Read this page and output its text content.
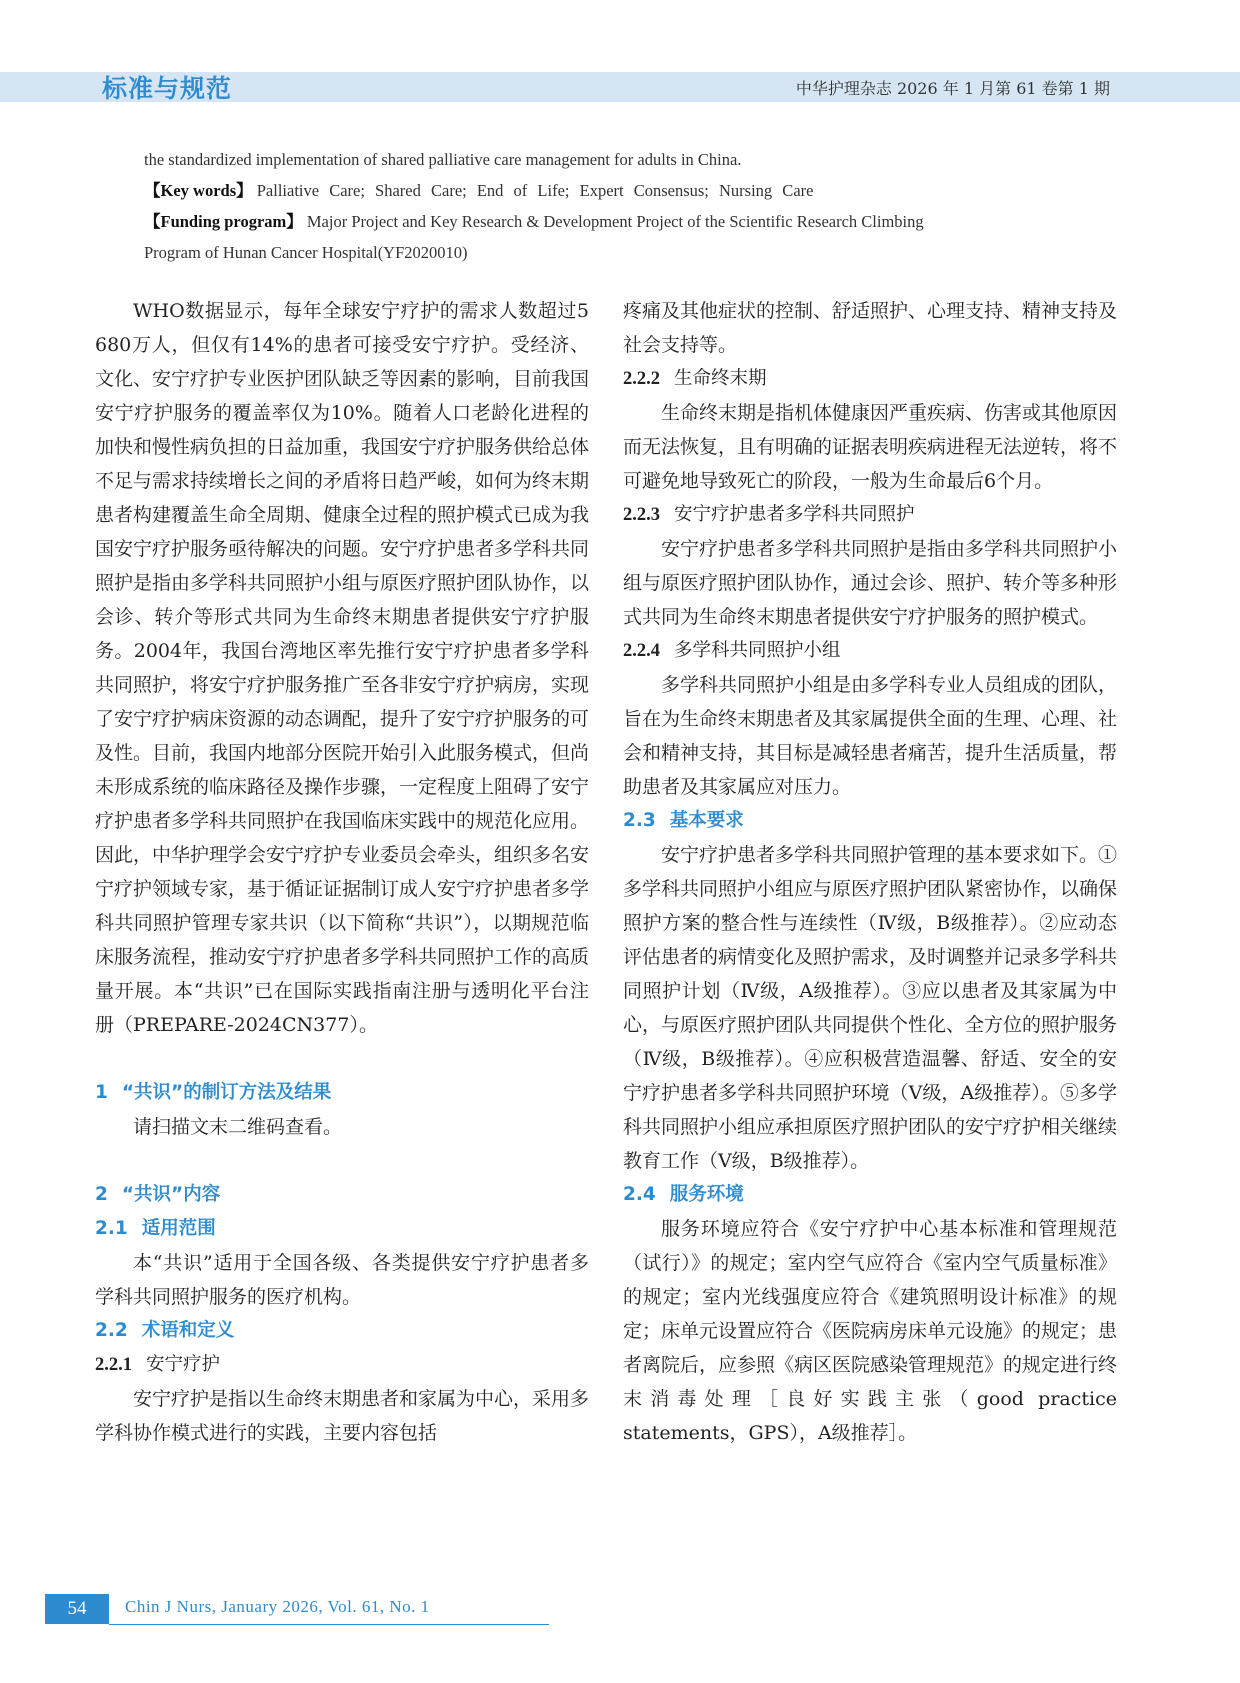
标准与规范	中华护理杂志 2026 年 1 月第 61 卷第 1 期

the standardized implementation of shared palliative care management for adults in China.

【Key words】 Palliative Care; Shared Care; End of Life; Expert Consensus; Nursing Care

【Funding program】 Major Project and Key Research & Development Project of the Scientific Research Climbing

Program of Hunan Cancer Hospital(YF2020010)

WHO数据显示，每年全球安宁疗护的需求人数超过5 680万人，但仅有14%的患者可接受安宁疗护。受经济、文化、安宁疗护专业医护团队缺乏等因素的影响，目前我国安宁疗护服务的覆盖率仅为10%。随着人口老龄化进程的加快和慢性病负担的日益加重，我国安宁疗护服务供给总体不足与需求持续增长之间的矛盾将日趋严峻，如何为终末期患者构建覆盖生命全周期、健康全过程的照护模式已成为我国安宁疗护服务亟待解决的问题。安宁疗护患者多学科共同照护是指由多学科共同照护小组与原医疗照护团队协作，以会诊、转介等形式共同为生命终末期患者提供安宁疗护服务。2004年，我国台湾地区率先推行安宁疗护患者多学科共同照护，将安宁疗护服务推广至各非安宁疗护病房，实现了安宁疗护病床资源的动态调配，提升了安宁疗护服务的可及性。目前，我国内地部分医院开始引入此服务模式，但尚未形成系统的临床路径及操作步骤，一定程度上阻碍了安宁疗护患者多学科共同照护在我国临床实践中的规范化应用。因此，中华护理学会安宁疗护专业委员会牵头，组织多名安宁疗护领域专家，基于循证证据制订成人安宁疗护患者多学科共同照护管理专家共识（以下简称“共识”），以期规范临床服务流程，推动安宁疗护患者多学科共同照护工作的高质量开展。本“共识”已在国际实践指南注册与透明化平台注册（PREPARE-2024CN377）。

1 “共识”的制订方法及结果

请扫描文末二维码查看。

2 “共识”内容
2.1 适用范围

本“共识”适用于全国各级、各类提供安宁疗护患者多学科共同照护服务的医疗机构。

2.2 术语和定义
2.2.1 安宁疗护

安宁疗护是指以生命终末期患者和家属为中心，采用多学科协作模式进行的实践，主要内容包括

疼痛及其他症状的控制、舒适照护、心理支持、精神支持及社会支持等。

2.2.2 生命终末期

生命终末期是指机体健康因严重疾病、伤害或其他原因而无法恢复，且有明确的证据表明疾病进程无法逆转，将不可避免地导致死亡的阶段，一般为生命最后6个月。

2.2.3 安宁疗护患者多学科共同照护

安宁疗护患者多学科共同照护是指由多学科共同照护小组与原医疗照护团队协作，通过会诊、照护、转介等多种形式共同为生命终末期患者提供安宁疗护服务的照护模式。

2.2.4 多学科共同照护小组

多学科共同照护小组是由多学科专业人员组成的团队，旨在为生命终末期患者及其家属提供全面的生理、心理、社会和精神支持，其目标是减轻患者痛苦，提升生活质量，帮助患者及其家属应对压力。

2.3 基本要求

安宁疗护患者多学科共同照护管理的基本要求如下。①多学科共同照护小组应与原医疗照护团队紧密协作，以确保照护方案的整合性与连续性（Ⅳ级，B级推荐）。②应动态评估患者的病情变化及照护需求，及时调整并记录多学科共同照护计划（Ⅳ级，A级推荐）。③应以患者及其家属为中心，与原医疗照护团队共同提供个性化、全方位的照护服务（Ⅳ级，B级推荐）。④应积极营造温馨、舒适、安全的安宁疗护患者多学科共同照护环境（Ⅴ级，A级推荐）。⑤多学科共同照护小组应承担原医疗照护团队的安宁疗护相关继续教育工作（Ⅴ级，B级推荐）。

2.4 服务环境

服务环境应符合《安宁疗护中心基本标准和管理规范（试行）》的规定；室内空气应符合《室内空气质量标准》的规定；室内光线强度应符合《建筑照明设计标准》的规定；床单元设置应符合《医院病房床单元设施》的规定；患者离院后，应参照《病区医院感染管理规范》的规定进行终末消毒处理［良好实践主张（good practice statements，GPS），A级推荐］。

54	Chin J Nurs, January 2026, Vol. 61, No. 1
